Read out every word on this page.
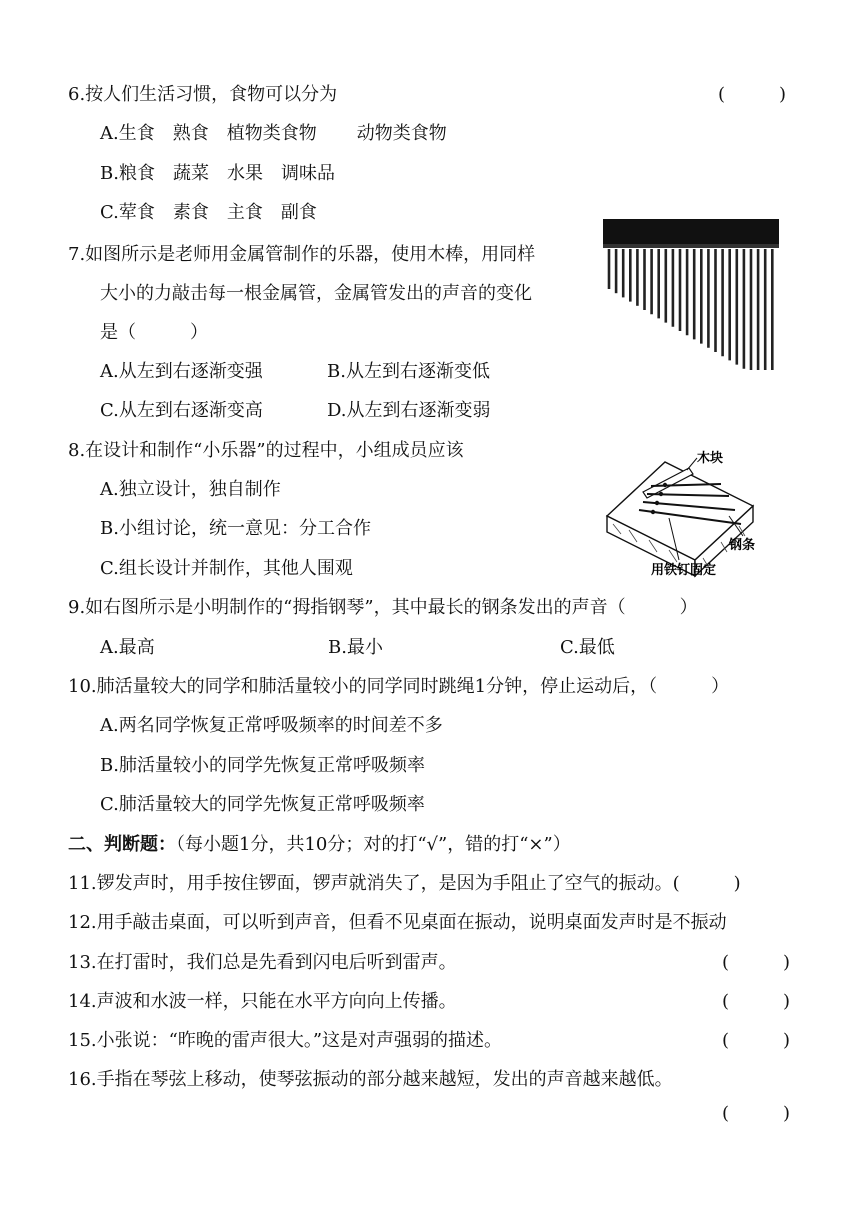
6.按人们生活习惯，食物可以分为	(　　　)
A.生食 熟食 植物类食物 动物类食物
B.粮食 蔬菜 水果 调味品
C.荤食 素食 主食 副食
7.如图所示是老师用金属管制作的乐器，使用木棒，用同样
大小的力敲击每一根金属管，金属管发出的声音的变化
是（　　　）
A.从左到右逐渐变强	B.从左到右逐渐变低
C.从左到右逐渐变高	D.从左到右逐渐变弱
木块
钢条
用铁钉固定
8.在设计和制作“小乐器”的过程中，小组成员应该
A.独立设计，独自制作
B.小组讨论，统一意见：分工合作
C.组长设计并制作，其他人围观
9.如右图所示是小明制作的“拇指钢琴”，其中最长的钢条发出的声音（　　　）
A.最高	B.最小	C.最低
10.肺活量较大的同学和肺活量较小的同学同时跳绳1分钟，停止运动后，（　　　）
A.两名同学恢复正常呼吸频率的时间差不多
B.肺活量较小的同学先恢复正常呼吸频率
C.肺活量较大的同学先恢复正常呼吸频率
二、判断题：（每小题1分，共10分；对的打“√”，错的打“×”）
11.锣发声时，用手按住锣面，锣声就消失了，是因为手阻止了空气的振动。(　　　)
12.用手敲击桌面，可以听到声音，但看不见桌面在振动，说明桌面发声时是不振动
13.在打雷时，我们总是先看到闪电后听到雷声。	(　　　)
14.声波和水波一样，只能在水平方向向上传播。	(　　　)
15.小张说：“昨晚的雷声很大。”这是对声强弱的描述。	(　　　)
16.手指在琴弦上移动，使琴弦振动的部分越来越短，发出的声音越来越低。
(　　　)
